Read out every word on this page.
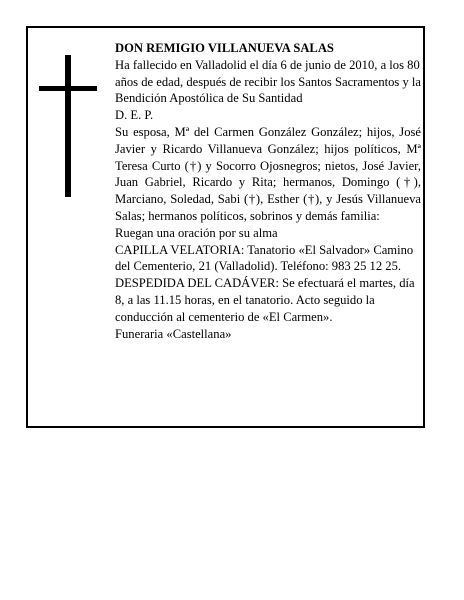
DON REMIGIO VILLANUEVA SALAS

Ha fallecido en Valladolid el día 6 de junio de 2010, a los 80 años de edad, después de recibir los Santos Sacramentos y la Bendición Apostólica de Su Santidad

D. E. P.

Su esposa, Mª del Carmen González González; hijos, José Javier y Ricardo Villanueva González; hijos políticos, Mª Teresa Curto (†) y Socorro Ojosnegros; nietos, José Javier, Juan Gabriel, Ricardo y Rita; hermanos, Domingo (†), Marciano, Soledad, Sabi (†), Esther (†), y Jesús Villanueva Salas; hermanos políticos, sobrinos y demás familia:

Ruegan una oración por su alma

CAPILLA VELATORIA: Tanatorio «El Salvador» Camino del Cementerio, 21 (Valladolid). Teléfono: 983 25 12 25.

DESPEDIDA DEL CADÁVER: Se efectuará el martes, día 8, a las 11.15 horas, en el tanatorio. Acto seguido la conducción al cementerio de «El Carmen».

Funeraria «Castellana»
